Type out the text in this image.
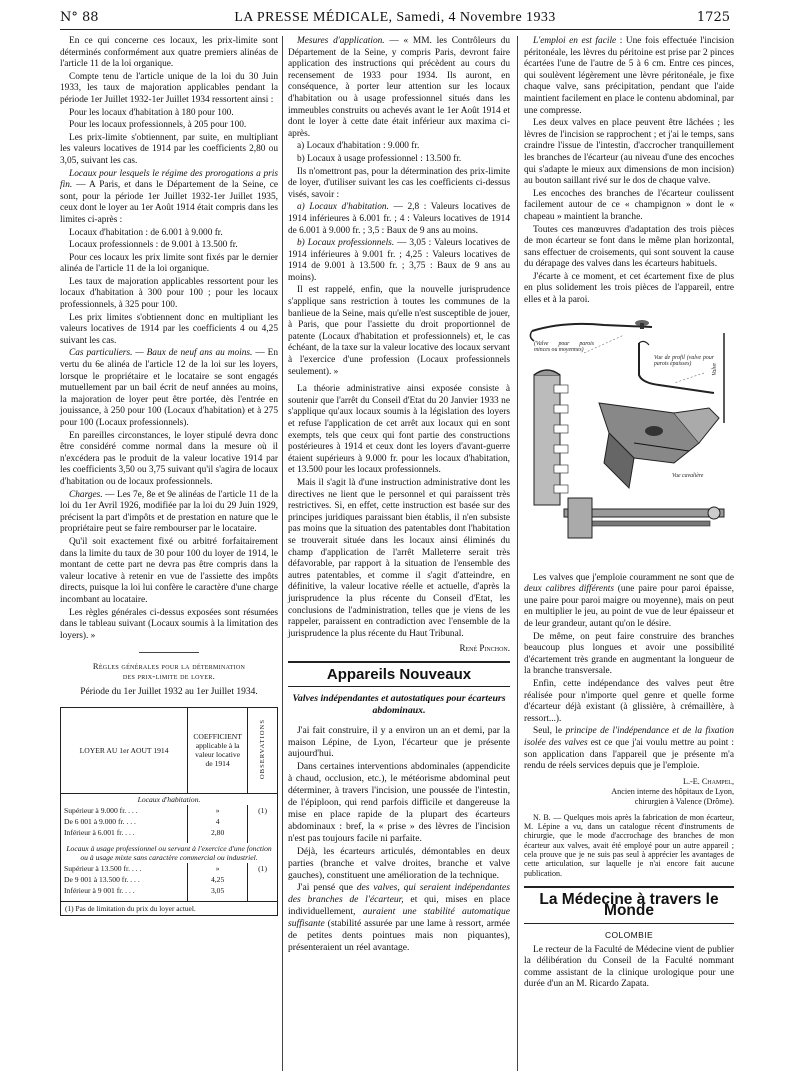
N° 88	LA PRESSE MÉDICALE, Samedi, 4 Novembre 1933	1725

En ce qui concerne ces locaux, les prix-limite sont déterminés conformément aux quatre premiers alinéas de l'article 11 de la loi organique.

Compte tenu de l'article unique de la loi du 30 Juin 1933, les taux de majoration applicables pendant la période 1er Juillet 1932-1er Juillet 1934 ressortent ainsi :

Pour les locaux d'habitation à 180 pour 100.

Pour les locaux professionnels, à 205 pour 100.

Les prix-limite s'obtiennent, par suite, en multipliant les valeurs locatives de 1914 par les coefficients 2,80 ou 3,05, suivant les cas.

Locaux pour lesquels le régime des prorogations a pris fin. — A Paris, et dans le Département de la Seine, ce sont, pour la période 1er Juillet 1932-1er Juillet 1935, ceux dont le loyer au 1er Août 1914 était compris dans les limites ci-après :

Locaux d'habitation : de 6.001 à 9.000 fr.

Locaux professionnels : de 9.001 à 13.500 fr.

Pour ces locaux les prix limite sont fixés par le dernier alinéa de l'article 11 de la loi organique.

Les taux de majoration applicables ressortent pour les locaux d'habitation à 300 pour 100 ; pour les locaux professionnels, à 325 pour 100.

Les prix limites s'obtiennent donc en multipliant les valeurs locatives de 1914 par les coefficients 4 ou 4,25 suivant les cas.

Cas particuliers. — Baux de neuf ans au moins. — En vertu du 6e alinéa de l'article 12 de la loi sur les loyers, lorsque le propriétaire et le locataire se sont engagés mutuellement par un bail écrit de neuf années au moins, la majoration de loyer peut être portée, dès l'entrée en jouissance, à 250 pour 100 (Locaux d'habitation) et à 275 pour 100 (Locaux professionnels).

En pareilles circonstances, le loyer stipulé devra donc être considéré comme normal dans la mesure où il n'excédera pas le produit de la valeur locative 1914 par les coefficients 3,50 ou 3,75 suivant qu'il s'agira de locaux d'habitation ou de locaux professionnels.

Charges. — Les 7e, 8e et 9e alinéas de l'article 11 de la loi du 1er Avril 1926, modifiée par la loi du 29 Juin 1929, précisent la part d'impôts et de prestation en nature que le propriétaire peut se faire rembourser par le locataire.

Qu'il soit exactement fixé ou arbitré forfaitairement dans la limite du taux de 30 pour 100 du loyer de 1914, le montant de cette part ne devra pas être compris dans la valeur locative à retenir en vue de l'assiette des impôts directs, puisque la loi lui confère le caractère d'une charge incombant au locataire.

Les règles générales ci-dessus exposées sont résumées dans le tableau suivant (Locaux soumis à la limitation des loyers). »

Règles générales pour la détermination
des prix-limite de loyer.
Période du 1er Juillet 1932 au 1er Juillet 1934.
LOYER AU 1er AOUT 1914	COEFFICIENT applicable à la valeur locative de 1914	OBSERVATIONS
Locaux d'habitation.		
Supérieur à 9.000 fr. . . .	»	(1)
De 6 001 à 9.000 fr. . . .	4	
Inférieur à 6.001 fr. . . .	2,80	
Locaux à usage professionnel ou servant à l'exercice d'une fonction ou à usage mixte sans caractère commercial ou industriel.		
Supérieur à 13.500 fr. . . .	»	(1)
De 9 001 à 13.500 fr. . . .	4,25	
Inférieur à 9 001 fr. . . .	3,05	
(1) Pas de limitation du prix du loyer actuel.		

Mesures d'application. — « MM. les Contrôleurs du Département de la Seine, y compris Paris, devront faire application des instructions qui précèdent au cours du recensement de 1933 pour 1934. Ils auront, en conséquence, à porter leur attention sur les locaux d'habitation ou à usage professionnel situés dans les immeubles construits ou achevés avant le 1er Août 1914 et dont le loyer à cette date était inférieur aux maxima ci-après.

a) Locaux d'habitation : 9.000 fr.

b) Locaux à usage professionnel : 13.500 fr.

Ils n'omettront pas, pour la détermination des prix-limite de loyer, d'utiliser suivant les cas les coefficients ci-dessus visés, savoir :

a) Locaux d'habitation. — 2,8 : Valeurs locatives de 1914 inférieures à 6.001 fr. ; 4 : Valeurs locatives de 1914 de 6.001 à 9.000 fr. ; 3,5 : Baux de 9 ans au moins.

b) Locaux professionnels. — 3,05 : Valeurs locatives de 1914 inférieures à 9.001 fr. ; 4,25 : Valeurs locatives de 1914 de 9.001 à 13.500 fr. ; 3,75 : Baux de 9 ans au moins).

Il est rappelé, enfin, que la nouvelle jurisprudence s'applique sans restriction à toutes les communes de la banlieue de la Seine, mais qu'elle n'est susceptible de jouer, à Paris, que pour l'assiette du droit proportionnel de patente (Locaux d'habitation et professionnels) et, le cas échéant, de la taxe sur la valeur locative des locaux servant à l'exercice d'une profession (Locaux professionnels seulement). »

La théorie administrative ainsi exposée consiste à soutenir que l'arrêt du Conseil d'Etat du 20 Janvier 1933 ne s'applique qu'aux locaux soumis à la législation des loyers et refuse l'application de cet arrêt aux locaux qui en sont exempts, tels que ceux qui font partie des constructions postérieures à 1914 et ceux dont les loyers d'avant-guerre étaient supérieurs à 9.000 fr. pour les locaux d'habitation, et 13.500 pour les locaux professionnels.

Mais il s'agit là d'une instruction administrative dont les directives ne lient que le personnel et qui paraissent très restrictives. Si, en effet, cette instruction est basée sur des principes juridiques paraissant bien établis, il n'en subsiste pas moins que la situation des patentables dont l'habitation se trouverait située dans les locaux ainsi éliminés du champ d'application de l'arrêt Malleterre serait très défavorable, par rapport à la situation de l'ensemble des autres patentables, et comme il s'agit d'atteindre, en définitive, la valeur locative réelle et actuelle, d'après la jurisprudence la plus récente du Conseil d'Etat, les conclusions de l'administration, telles que je viens de les rappeler, paraissent en contradiction avec l'ensemble de la jurisprudence la plus récente du Haut Tribunal.

René Pinchon.
Appareils Nouveaux
Valves indépendantes et autostatiques pour écarteurs abdominaux.

J'ai fait construire, il y a environ un an et demi, par la maison Lépine, de Lyon, l'écarteur que je présente aujourd'hui.

Dans certaines interventions abdominales (appendicite à chaud, occlusion, etc.), le météorisme abdominal peut déterminer, à travers l'incision, une poussée de l'intestin, de l'épiploon, qui rend parfois difficile et dangereuse la mise en place rapide de la plupart des écarteurs abdominaux : bref, la « prise » des lèvres de l'incision n'est pas toujours facile ni parfaite.

Déjà, les écarteurs articulés, démontables en deux parties (branche et valve droites, branche et valve gauches), constituent une amélioration de la technique.

J'ai pensé que des valves, qui seraient indépendantes des branches de l'écarteur, et qui, mises en place individuellement, auraient une stabilité automatique suffisante (stabilité assurée par une lame à ressort, armée de petites dents pointues mais non piquantes), présenteraient un réel avantage.

L'emploi en est facile : Une fois effectuée l'incision péritonéale, les lèvres du péritoine est prise par 2 pinces écartées l'une de l'autre de 5 à 6 cm. Entre ces pinces, qui soulèvent légèrement une lèvre péritonéale, je fixe chaque valve, sans précipitation, pendant que l'aide maintient facilement en place le contenu abdominal, par une compresse.

Les deux valves en place peuvent être lâchées ; les lèvres de l'incision se rapprochent ; et j'ai le temps, sans craindre l'issue de l'intestin, d'accrocher tranquillement les branches de l'écarteur (au niveau d'une des encoches qui s'adapte le mieux aux dimensions de mon incision) au bouton saillant rivé sur le dos de chaque valve.

Les encoches des branches de l'écarteur coulissent facilement autour de ce « champignon » dont le « chapeau » maintient la branche.

Toutes ces manœuvres d'adaptation des trois pièces de mon écarteur se font dans le même plan horizontal, sans effectuer de croisements, qui sont souvent la cause du dérapage des valves dans les écarteurs habituels.

J'écarte à ce moment, et cet écartement fixe de plus en plus solidement les trois pièces de l'appareil, entre elles et à la paroi.

(Valve pour parois minces ou moyennes)
Vue de profil (valve pour parois épaisses)
Vue cavalière
Valve

Les valves que j'emploie couramment ne sont que de deux calibres différents (une paire pour paroi épaisse, une paire pour paroi maigre ou moyenne), mais on peut en multiplier le jeu, au point de vue de leur épaisseur et de leur grandeur, autant qu'on le désire.

De même, on peut faire construire des branches beaucoup plus longues et avoir une possibilité d'écartement très grande en augmentant la longueur de la branche transversale.

Enfin, cette indépendance des valves peut être réalisée pour n'importe quel genre et quelle forme d'écarteur déjà existant (à glissière, à crémaillère, à ressort...).

Seul, le principe de l'indépendance et de la fixation isolée des valves est ce que j'ai voulu mettre au point : son application dans l'appareil que je présente m'a rendu de réels services depuis que je l'emploie.

L.-E. Champel,
Ancien interne des hôpitaux de Lyon,
chirurgien à Valence (Drôme).

N. B. — Quelques mois après la fabrication de mon écarteur, M. Lépine a vu, dans un catalogue récent d'instruments de chirurgie, que le mode d'accrochage des branches de mon écarteur aux valves, avait été employé pour un autre appareil ; cela prouve que je ne suis pas seul à apprécier les avantages de cette articulation, sur laquelle je n'ai encore fait aucune publication.

La Médecine à travers le Monde
COLOMBIE

Le recteur de la Faculté de Médecine vient de publier la délibération du Conseil de la Faculté nommant comme assistant de la clinique urologique pour une durée d'un an M. Ricardo Zapata.
